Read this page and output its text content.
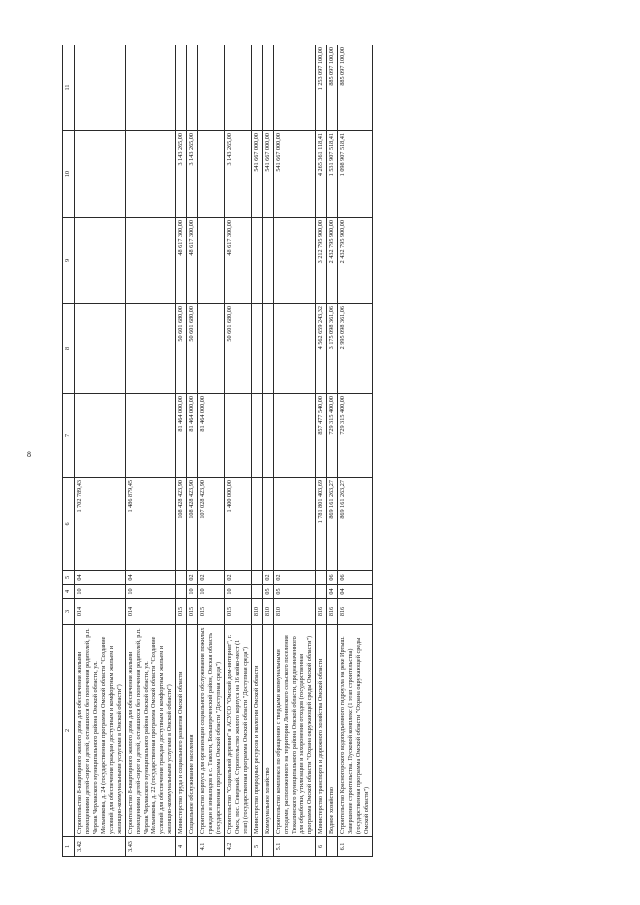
8
1	2	3	4	5	6	7	8	9	10	11
3.42	Строительство 8-квартирного жилого дома для обеспечения жилыми помещениями детей-сирот и детей, оставшихся без попечения родителей, р.п. Черлак Черлакского муниципального района Омской области, ул. Мельникова, д. 24 (государственная программа Омской области "Создание условий для обеспечения граждан доступным и комфортным жильем и жилищно-коммунальными услугами в Омской области")	014	10	04	1 702 789,43					
3.43	Строительство 8-квартирного жилого дома для обеспечения жилыми помещениями детей-сирот и детей, оставшихся без попечения родителей, р.п. Черлак Черлакского муниципального района Омской области, ул. Мельникова, д. 22 (государственная программа Омской области "Создание условий для обеспечения граждан доступным и комфортным жильем и жилищно-коммунальными услугами в Омской области")	014	10	04	1 486 879,45					
4	Министерство труда и социального развития Омской области	015			108 428 423,90	81 464 000,00	50 601 680,00	48 617 300,00	3 143 265,00	
	Социальное обслуживание населения	015	10	02	108 428 423,90	81 464 000,00	50 601 680,00	48 617 300,00	3 143 265,00	
4.1	Строительство корпуса для организации социального обслуживания пожилых граждан и инвалидов в с. Таволги, Большереченский район, Омская область (государственная программа Омской области "Доступная среда")	015	10	02	107 028 423,90	81 464 000,00				
4.2	Строительство "Социальной деревни" в АСУСО "Омский дом-интернат", г. Омск, пос. Северный. Строительство жилого корпуса на 16 койко-мест (1 этап) (государственная программа Омской области "Доступная среда")	015	10	02	1 400 000,00		50 601 680,00	48 617 300,00	3 143 265,00	
5	Министерство природных ресурсов и экологии Омской области	810							541 667 000,00	
	Коммунальное хозяйство	810	05	02					541 667 000,00	
5.1	Строительство комплекса по обращению с твердыми коммунальными отходами, расположенного на территории Ленинского сельского поселения Тюкалинского муниципального района Омской области, предназначенного для обработки, утилизации и захоронения отходов (государственная программа Омской области "Охрана окружающей среды Омской области")	810	05	02					541 667 000,00	
6	Министерство транспорта и дорожного хозяйства Омской области	816			1 781 801 403,69	857 477 540,00	4 562 659 243,32	3 212 795 900,00	4 265 361 118,41	1 253 097 100,00
	Водное хозяйство	816	04	06	869 161 263,27	729 315 400,00	3 175 098 361,06	2 432 795 900,00	1 531 907 518,41	885 097 100,00
6.1	Строительство Красногорского водоподъемного гидроузла на реке Иртыш. Завершение строительства. Пусковой комплекс (1 этап строительства) (государственная программа Омской области "Охрана окружающей среды Омской области")	816	04	06	869 161 263,27	729 315 400,00	2 995 098 361,06	2 432 795 900,00	1 098 907 518,41	885 097 100,00
